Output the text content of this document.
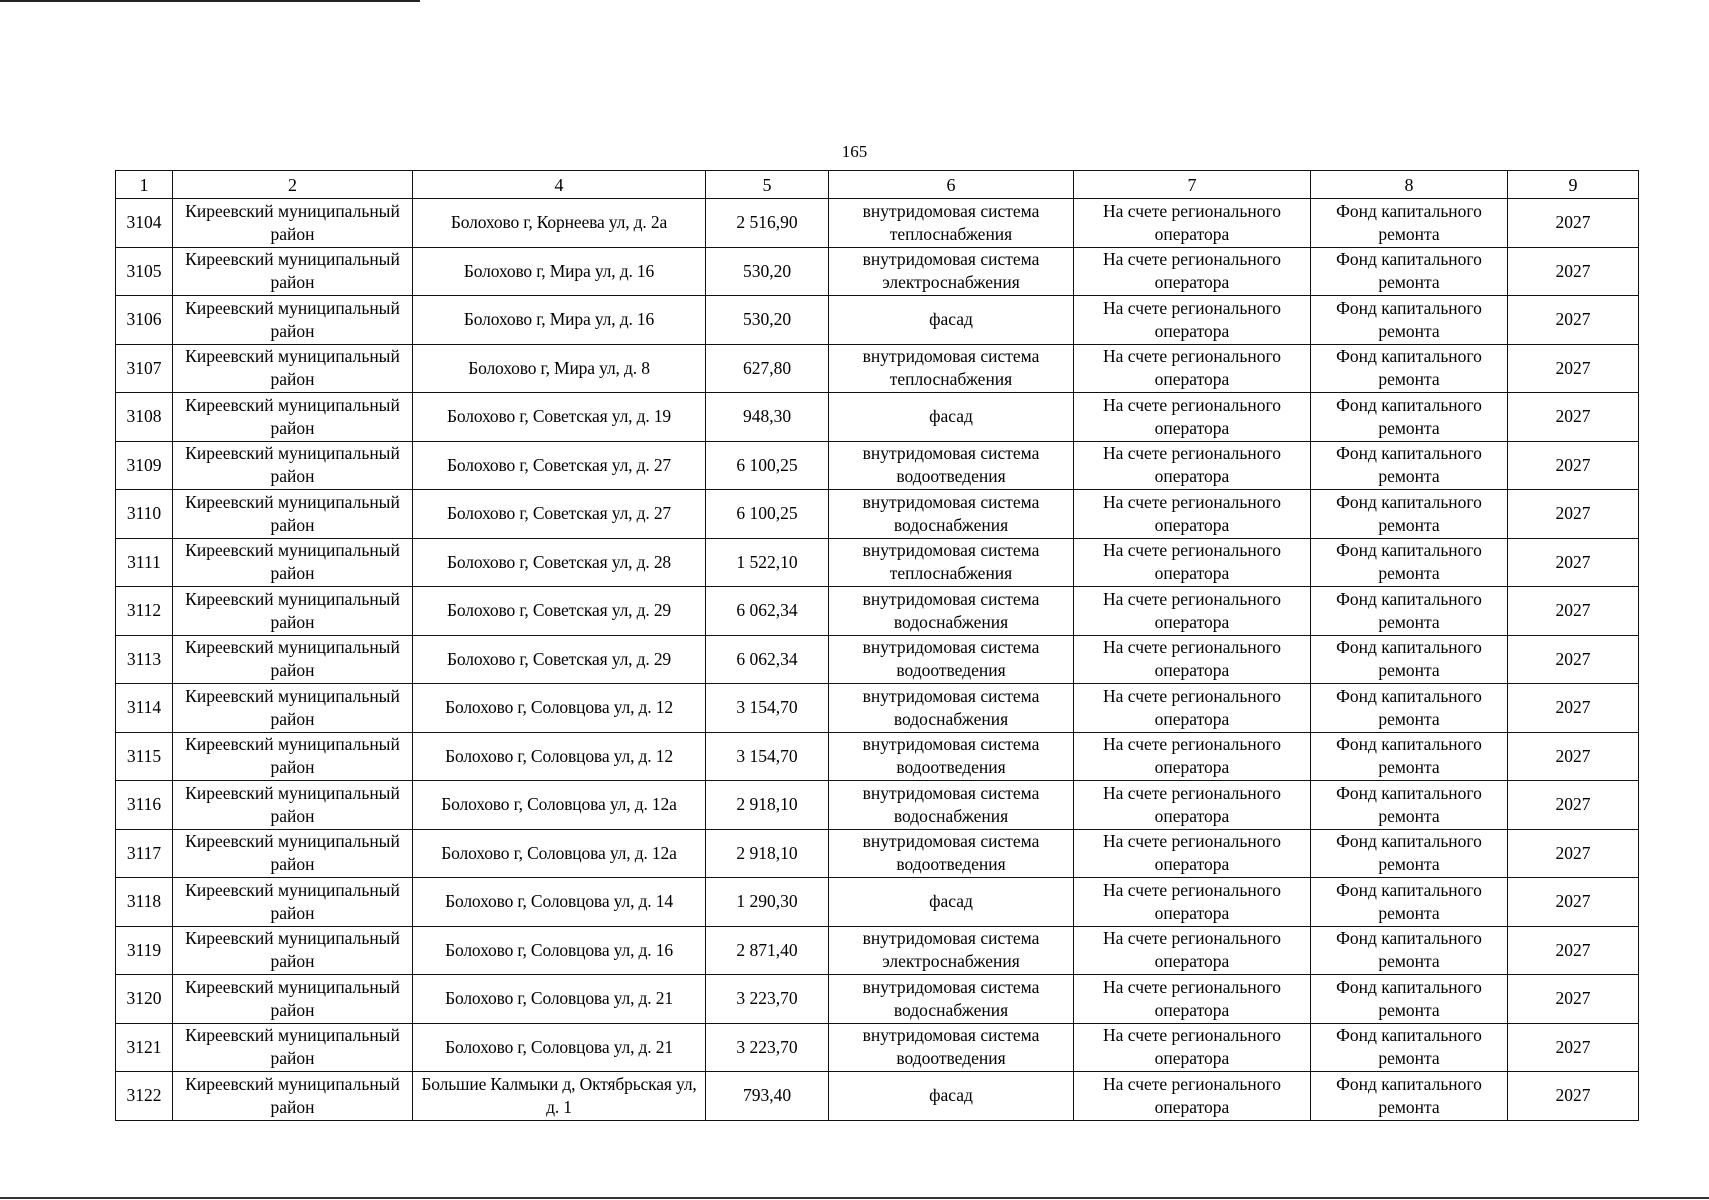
165
1	2	4	5	6	7	8	9
3104	Киреевский муниципальный район	Болохово г, Корнеева ул, д. 2а	2 516,90	внутридомовая система теплоснабжения	На счете регионального оператора	Фонд капитального ремонта	2027
3105	Киреевский муниципальный район	Болохово г, Мира ул, д. 16	530,20	внутридомовая система электроснабжения	На счете регионального оператора	Фонд капитального ремонта	2027
3106	Киреевский муниципальный район	Болохово г, Мира ул, д. 16	530,20	фасад	На счете регионального оператора	Фонд капитального ремонта	2027
3107	Киреевский муниципальный район	Болохово г, Мира ул, д. 8	627,80	внутридомовая система теплоснабжения	На счете регионального оператора	Фонд капитального ремонта	2027
3108	Киреевский муниципальный район	Болохово г, Советская ул, д. 19	948,30	фасад	На счете регионального оператора	Фонд капитального ремонта	2027
3109	Киреевский муниципальный район	Болохово г, Советская ул, д. 27	6 100,25	внутридомовая система водоотведения	На счете регионального оператора	Фонд капитального ремонта	2027
3110	Киреевский муниципальный район	Болохово г, Советская ул, д. 27	6 100,25	внутридомовая система водоснабжения	На счете регионального оператора	Фонд капитального ремонта	2027
3111	Киреевский муниципальный район	Болохово г, Советская ул, д. 28	1 522,10	внутридомовая система теплоснабжения	На счете регионального оператора	Фонд капитального ремонта	2027
3112	Киреевский муниципальный район	Болохово г, Советская ул, д. 29	6 062,34	внутридомовая система водоснабжения	На счете регионального оператора	Фонд капитального ремонта	2027
3113	Киреевский муниципальный район	Болохово г, Советская ул, д. 29	6 062,34	внутридомовая система водоотведения	На счете регионального оператора	Фонд капитального ремонта	2027
3114	Киреевский муниципальный район	Болохово г, Соловцова ул, д. 12	3 154,70	внутридомовая система водоснабжения	На счете регионального оператора	Фонд капитального ремонта	2027
3115	Киреевский муниципальный район	Болохово г, Соловцова ул, д. 12	3 154,70	внутридомовая система водоотведения	На счете регионального оператора	Фонд капитального ремонта	2027
3116	Киреевский муниципальный район	Болохово г, Соловцова ул, д. 12а	2 918,10	внутридомовая система водоснабжения	На счете регионального оператора	Фонд капитального ремонта	2027
3117	Киреевский муниципальный район	Болохово г, Соловцова ул, д. 12а	2 918,10	внутридомовая система водоотведения	На счете регионального оператора	Фонд капитального ремонта	2027
3118	Киреевский муниципальный район	Болохово г, Соловцова ул, д. 14	1 290,30	фасад	На счете регионального оператора	Фонд капитального ремонта	2027
3119	Киреевский муниципальный район	Болохово г, Соловцова ул, д. 16	2 871,40	внутридомовая система электроснабжения	На счете регионального оператора	Фонд капитального ремонта	2027
3120	Киреевский муниципальный район	Болохово г, Соловцова ул, д. 21	3 223,70	внутридомовая система водоснабжения	На счете регионального оператора	Фонд капитального ремонта	2027
3121	Киреевский муниципальный район	Болохово г, Соловцова ул, д. 21	3 223,70	внутридомовая система водоотведения	На счете регионального оператора	Фонд капитального ремонта	2027
3122	Киреевский муниципальный район	Большие Калмыки д, Октябрьская ул, д. 1	793,40	фасад	На счете регионального оператора	Фонд капитального ремонта	2027
